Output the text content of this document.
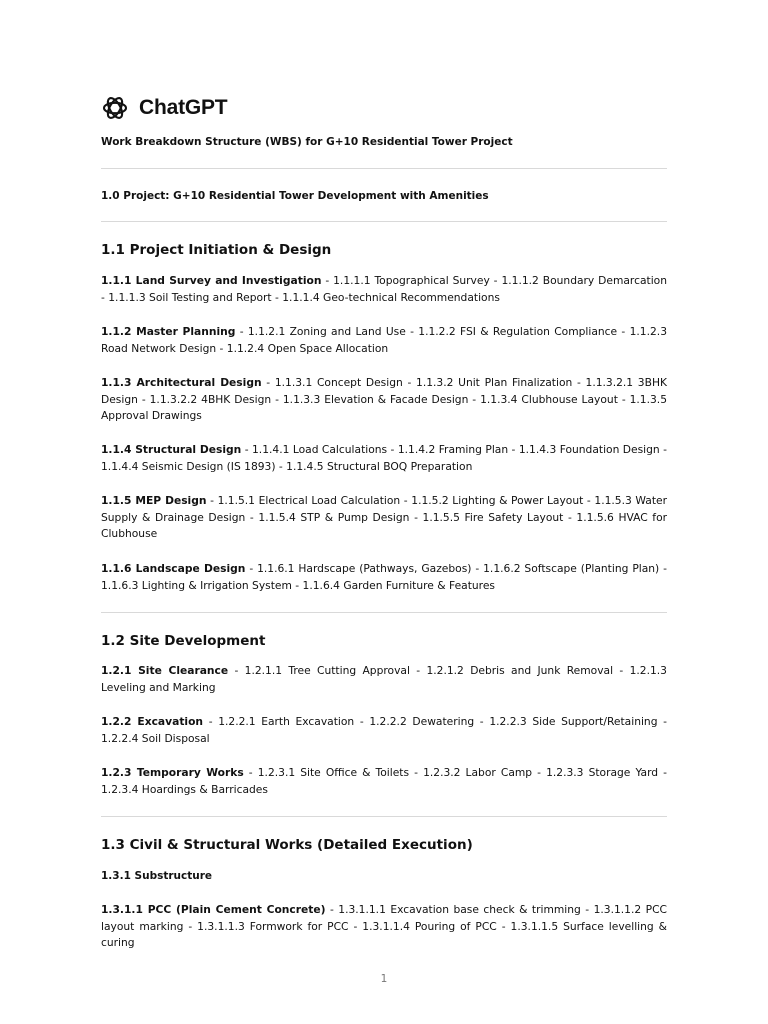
ChatGPT
Work Breakdown Structure (WBS) for G+10 Residential Tower Project
1.0 Project: G+10 Residential Tower Development with Amenities
1.1 Project Initiation & Design
1.1.1 Land Survey and Investigation - 1.1.1.1 Topographical Survey - 1.1.1.2 Boundary Demarcation - 1.1.1.3 Soil Testing and Report - 1.1.1.4 Geo-technical Recommendations
1.1.2 Master Planning - 1.1.2.1 Zoning and Land Use - 1.1.2.2 FSI & Regulation Compliance - 1.1.2.3 Road Network Design - 1.1.2.4 Open Space Allocation
1.1.3 Architectural Design - 1.1.3.1 Concept Design - 1.1.3.2 Unit Plan Finalization - 1.1.3.2.1 3BHK Design - 1.1.3.2.2 4BHK Design - 1.1.3.3 Elevation & Facade Design - 1.1.3.4 Clubhouse Layout - 1.1.3.5 Approval Drawings
1.1.4 Structural Design - 1.1.4.1 Load Calculations - 1.1.4.2 Framing Plan - 1.1.4.3 Foundation Design - 1.1.4.4 Seismic Design (IS 1893) - 1.1.4.5 Structural BOQ Preparation
1.1.5 MEP Design - 1.1.5.1 Electrical Load Calculation - 1.1.5.2 Lighting & Power Layout - 1.1.5.3 Water Supply & Drainage Design - 1.1.5.4 STP & Pump Design - 1.1.5.5 Fire Safety Layout - 1.1.5.6 HVAC for Clubhouse
1.1.6 Landscape Design - 1.1.6.1 Hardscape (Pathways, Gazebos) - 1.1.6.2 Softscape (Planting Plan) - 1.1.6.3 Lighting & Irrigation System - 1.1.6.4 Garden Furniture & Features
1.2 Site Development
1.2.1 Site Clearance - 1.2.1.1 Tree Cutting Approval - 1.2.1.2 Debris and Junk Removal - 1.2.1.3 Leveling and Marking
1.2.2 Excavation - 1.2.2.1 Earth Excavation - 1.2.2.2 Dewatering - 1.2.2.3 Side Support/Retaining - 1.2.2.4 Soil Disposal
1.2.3 Temporary Works - 1.2.3.1 Site Office & Toilets - 1.2.3.2 Labor Camp - 1.2.3.3 Storage Yard - 1.2.3.4 Hoardings & Barricades
1.3 Civil & Structural Works (Detailed Execution)
1.3.1 Substructure
1.3.1.1 PCC (Plain Cement Concrete) - 1.3.1.1.1 Excavation base check & trimming - 1.3.1.1.2 PCC layout marking - 1.3.1.1.3 Formwork for PCC - 1.3.1.1.4 Pouring of PCC - 1.3.1.1.5 Surface levelling & curing
1
